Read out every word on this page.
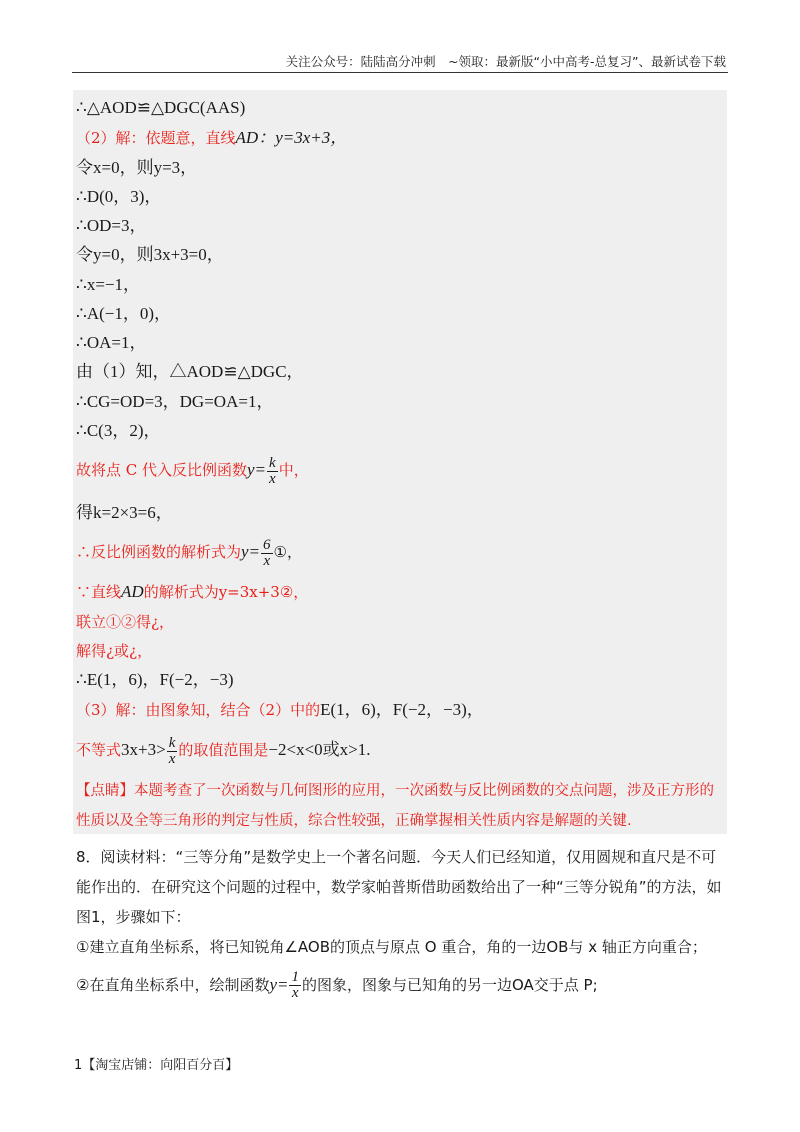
关注公众号：陆陆高分冲刺　~领取：最新版“小中高考-总复习”、最新试卷下载
∴△AOD≌△DGC(AAS)
（2）解：依题意，直线AD：y=3x+3，
令x=0，则y=3，
∴D(0，3)，
∴OD=3，
令y=0，则3x+3=0，
∴x=−1，
∴A(−1，0)，
∴OA=1，
由（1）知，△AOD≌△DGC，
∴CG=OD=3，DG=OA=1，
∴C(3，2)，
故将点 C 代入反比例函数$y= \frac{k}{x}$ 中，
得k=2×3=6，
∴反比例函数的解析式为$y= \frac{6}{x}$ ①，
∵直线AD的解析式为y=3x+3②，
联立①②得¿，
解得¿或¿，
∴E(1，6)，F(−2，−3)
（3）解：由图象知，结合（2）中的E(1，6)，F(−2，−3)，
不等式$3x+3> \frac{k}{x}$ 的取值范围是−2<x<0或x>1.
【点睛】本题考查了一次函数与几何图形的应用，一次函数与反比例函数的交点问题，涉及正方形的性质以及全等三角形的判定与性质，综合性较强，正确掌握相关性质内容是解题的关键.
8．阅读材料：“三等分角”是数学史上一个著名问题．今天人们已经知道，仅用圆规和直尺是不可能作出的．在研究这个问题的过程中，数学家帕普斯借助函数给出了一种“三等分锐角”的方法，如图1，步骤如下：
①建立直角坐标系，将已知锐角∠AOB的顶点与原点 O 重合，角的一边OB与 x 轴正方向重合；
②在直角坐标系中，绘制函数$y= \frac{1}{x}$ 的图象，图象与已知角的另一边OA交于点 P;
1【淘宝店铺：向阳百分百】
